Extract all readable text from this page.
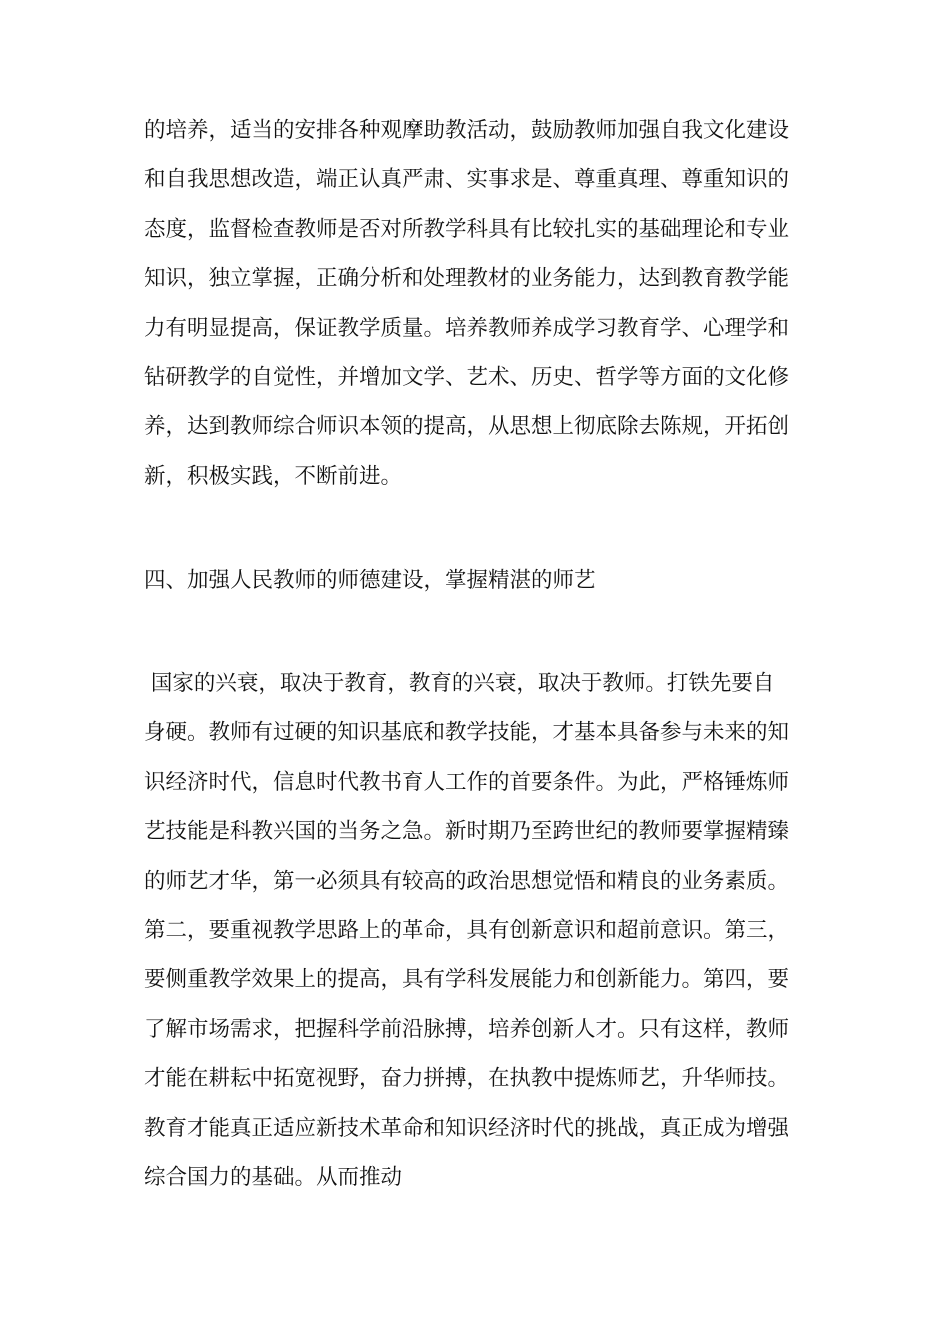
的培养，适当的安排各种观摩助教活动，鼓励教师加强自我文化建设
和自我思想改造，端正认真严肃、实事求是、尊重真理、尊重知识的
态度，监督检查教师是否对所教学科具有比较扎实的基础理论和专业
知识，独立掌握，正确分析和处理教材的业务能力，达到教育教学能
力有明显提高，保证教学质量。培养教师养成学习教育学、心理学和
钻研教学的自觉性，并增加文学、艺术、历史、哲学等方面的文化修
养，达到教师综合师识本领的提高，从思想上彻底除去陈规，开拓创
新，积极实践，不断前进。
四、加强人民教师的师德建设，掌握精湛的师艺
国家的兴衰，取决于教育，教育的兴衰，取决于教师。打铁先要自
身硬。教师有过硬的知识基底和教学技能，才基本具备参与未来的知
识经济时代，信息时代教书育人工作的首要条件。为此，严格锤炼师
艺技能是科教兴国的当务之急。新时期乃至跨世纪的教师要掌握精臻
的师艺才华，第一必须具有较高的政治思想觉悟和精良的业务素质。
第二，要重视教学思路上的革命，具有创新意识和超前意识。第三，
要侧重教学效果上的提高，具有学科发展能力和创新能力。第四，要
了解市场需求，把握科学前沿脉搏，培养创新人才。只有这样，教师
才能在耕耘中拓宽视野，奋力拼搏，在执教中提炼师艺，升华师技。
教育才能真正适应新技术革命和知识经济时代的挑战，真正成为增强
综合国力的基础。从而推动
